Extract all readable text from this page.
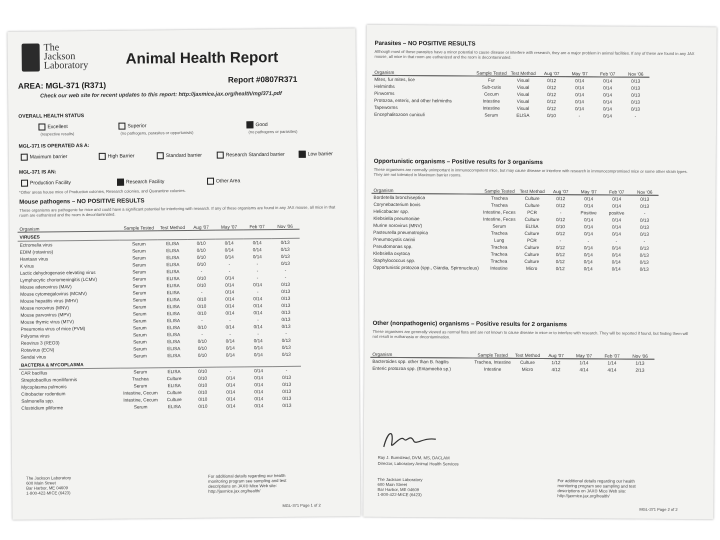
The
Jackson
Laboratory Animal Health Report
AREA: MGL-371 (R371)
Report #0807R371
Check our web site for recent updates to this report: http://jaxmice.jax.org/health/mgl371.pdf
OVERALL HEALTH STATUS
Excellent
(respective results)
Superior
(no pathogens, parasites or opportunists)
Good
(no pathogens or parasites)
MGL-371 IS OPERATED AS A:
Maximum barrier	High Barrier	Standard barrier	Research Standard barrier	Low barrier
MGL-371 IS AN:
Production Facility	Research Facility	Other Area
*Other areas house mice of Production colonies, Research colonies, and Quarantine colonies.
Mouse pathogens – NO POSITIVE RESULTS
These organisms are pathogenic for mice and could have a significant potential for interfering with research. If any of these organisms are found in any JAX mouse, all mice in that room are euthanized and the room is decontaminated.
Organism	Sample Tested	Test Method	Aug '07	May '07	Feb '07	Nov '06
VIRUSES						
Ectromelia virus	Serum	ELISA	0/10	0/14	0/14	0/13
EDIM (rotavirus)	Serum	ELISA	0/10	0/14	0/14	0/13
Hantaan virus	Serum	ELISA	0/10	0/14	0/14	0/13
K virus	Serum	ELISA	0/10	-	-	0/13
Lactic dehydrogenase elevating virus	Serum	ELISA	-	-	-	-
Lymphocytic choriomeningitis (LCMV)	Serum	ELISA	0/10	0/14	-	-
Mouse adenovirus (MAV)	Serum	ELISA	0/10	0/14	0/14	0/13
Mouse cytomegalovirus (MCMV)	Serum	ELISA	-	0/14	-	0/13
Mouse hepatitis virus (MHV)	Serum	ELISA	0/10	0/14	0/14	0/13
Mouse norovirus (MNV)	Serum	ELISA	0/10	0/14	0/14	0/13
Mouse parvovirus (MPV)	Serum	ELISA	0/10	0/14	0/14	0/13
Mouse thymic virus (MTV)	Serum	ELISA	-	-	-	0/13
Pneumonia virus of mice (PVM)	Serum	ELISA	0/10	0/14	0/14	0/13
Polyoma virus	Serum	ELISA	-	-	-	-
Reovirus 3 (REO3)	Serum	ELISA	0/10	0/14	0/14	0/13
Rotavirus (ECN)	Serum	ELISA	0/10	0/14	0/14	0/13
Sendai virus	Serum	ELISA	0/10	0/14	0/14	0/13
BACTERIA & MYCOPLASMA						
CAR bacillus	Serum	ELISA	0/10	-	0/14	-
Streptobacillus moniliformis	Trachea	Culture	0/10	0/14	0/14	0/13
Mycoplasma pulmonis	Serum	ELISA	0/10	0/14	0/14	0/13
Citrobacter rodentium	Intestine, Cecum	Culture	0/10	0/14	0/14	0/13
Salmonella spp.	Intestine, Cecum	Culture	0/10	0/14	0/14	0/13
Clostridium piliforme	Serum	ELISA	0/10	0/14	0/14	0/13
The Jackson Laboratory
600 Main Street
Bar Harbor, ME 04609
1-800-422-MICE (6423)
For additional details regarding our health
monitoring program see sampling and test
descriptions on JAX® Mice Web site:
http://jaxmice.jax.org/health/
MGL-371 Page 1 of 2
Parasites – NO POSITIVE RESULTS
Although most of these parasites have a minor potential to cause disease or interfere with research, they are a major problem in animal facilities. If any of these are found in any JAX mouse, all mice in that room are euthanized and the room is decontaminated.
Organism	Sample Tested	Test Method	Aug '07	May '07	Feb '07	Nov '06
Mites, fur mites, lice	Fur	Visual	0/12	0/14	0/14	0/13
Helminths	Sub-cutis	Visual	0/12	0/14	0/14	0/13
Pinworms	Cecum	Visual	0/12	0/14	0/14	0/13
Protozoa, enteric, and other helminths	Intestine	Visual	0/12	0/14	0/14	0/13
Tapeworms	Intestine	Visual	0/12	0/14	0/14	0/13
Encephalitozoon cuniculi	Serum	ELISA	0/10	-	0/14	-
Opportunistic organisms – Positive results for 3 organisms
These organisms are normally unimportant in immunocompetent mice, but may cause disease or interfere with research in immunocompromised mice or some other strain types. They are not tolerated in Maximum barrier rooms.
Organism	Sample Tested	Test Method	Aug '07	May '07	Feb '07	Nov '06
Bordetella bronchiseptica	Trachea	Culture	0/12	0/14	0/14	0/13
Corynebacterium bovis	Trachea	Culture	0/12	0/14	0/14	0/13
Helicobacter spp.	Intestine, Feces	PCR	-	Positive	positive	-
Klebsiella pneumoniae	Intestine, Feces	Culture	0/12	0/14	0/14	0/13
Murine norovirus (MNV)	Serum	ELISA	0/10	0/14	0/14	0/13
Pasteurella pneumotropica	Trachea	Culture	0/12	0/14	0/14	0/13
Pneumocystis carinii	Lung	PCR	-	-	-	-
Pseudomonas spp.	Trachea	Culture	0/12	0/14	0/14	0/13
Klebsiella oxytoca	Trachea	Culture	0/12	0/14	0/14	0/13
Staphylococcus spp.	Trachea	Culture	0/12	0/14	0/14	0/13
Opportunistic protozoa (spp., Giardia, Spironucleus)	Intestine	Micro	0/12	0/14	0/14	0/13
Other (nonpathogenic) organisms – Positive results for 2 organisms
These organisms are generally viewed as normal flora and are not known to cause disease in mice or to interfere with research. They will be reported if found, but finding them will not result in euthanasia or decontamination.
Organism	Sample Tested	Test Method	Aug '07	May '07	Feb '07	Nov '06
Bacteroides spp. other than B. fragilis	Trachea, Intestine	Culture	1/12	1/14	1/14	1/13
Enteric protozoa spp. (Entamoeba sp.)	Intestine	Micro	4/12	4/14	4/14	2/13
Ray J. Bumstead, DVM, MS, DACLAM
Director, Laboratory Animal Health Services
The Jackson Laboratory
600 Main Street
Bar Harbor, ME 04609
1-800-422-MICE (6423)
For additional details regarding our health
monitoring program see sampling and test
descriptions on JAX® Mice Web site:
http://jaxmice.jax.org/health/
MGL-371 Page 2 of 2
